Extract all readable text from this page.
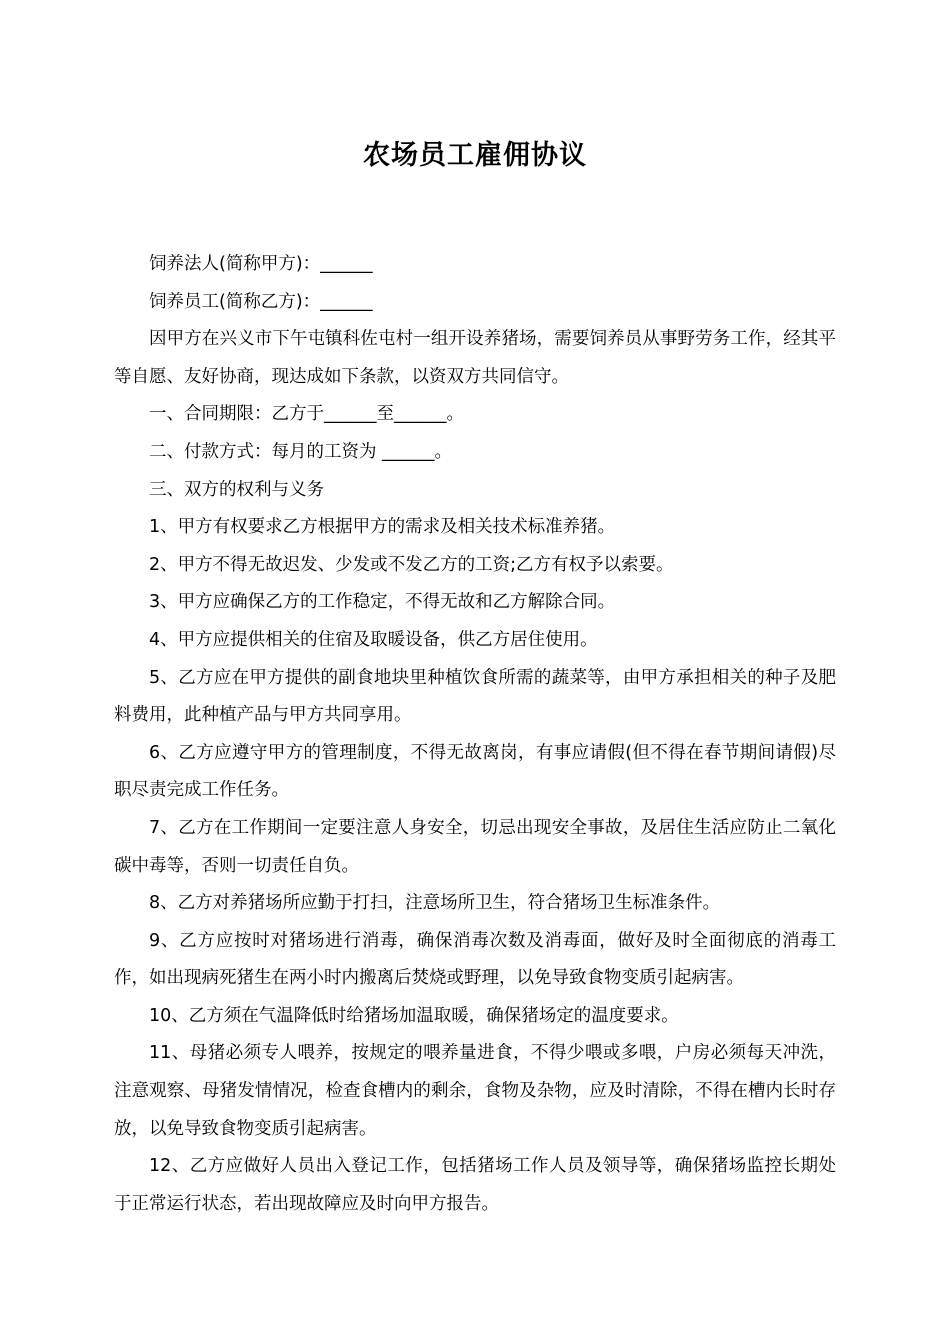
农场员工雇佣协议

饲养法人(简称甲方)：______

饲养员工(简称乙方)：______

因甲方在兴义市下午屯镇科佐屯村一组开设养猪场，需要饲养员从事野劳务工作，经其平等自愿、友好协商，现达成如下条款，以资双方共同信守。

一、合同期限：乙方于______至______。

二、付款方式：每月的工资为 ______。

三、双方的权利与义务

1、甲方有权要求乙方根据甲方的需求及相关技术标准养猪。

2、甲方不得无故迟发、少发或不发乙方的工资;乙方有权予以索要。

3、甲方应确保乙方的工作稳定，不得无故和乙方解除合同。

4、甲方应提供相关的住宿及取暖设备，供乙方居住使用。

5、乙方应在甲方提供的副食地块里种植饮食所需的蔬菜等，由甲方承担相关的种子及肥料费用，此种植产品与甲方共同享用。

6、乙方应遵守甲方的管理制度，不得无故离岗，有事应请假(但不得在春节期间请假)尽职尽责完成工作任务。

7、乙方在工作期间一定要注意人身安全，切忌出现安全事故，及居住生活应防止二氧化碳中毒等，否则一切责任自负。

8、乙方对养猪场所应勤于打扫，注意场所卫生，符合猪场卫生标准条件。

9、乙方应按时对猪场进行消毒，确保消毒次数及消毒面，做好及时全面彻底的消毒工作，如出现病死猪生在两小时内搬离后焚烧或野理，以免导致食物变质引起病害。

10、乙方须在气温降低时给猪场加温取暖，确保猪场定的温度要求。

11、母猪必须专人喂养，按规定的喂养量进食，不得少喂或多喂，户房必须每天冲洗，注意观察、母猪发情情况，检查食槽内的剩余，食物及杂物，应及时清除，不得在槽内长时存放，以免导致食物变质引起病害。

12、乙方应做好人员出入登记工作，包括猪场工作人员及领导等，确保猪场监控长期处于正常运行状态，若出现故障应及时向甲方报告。
